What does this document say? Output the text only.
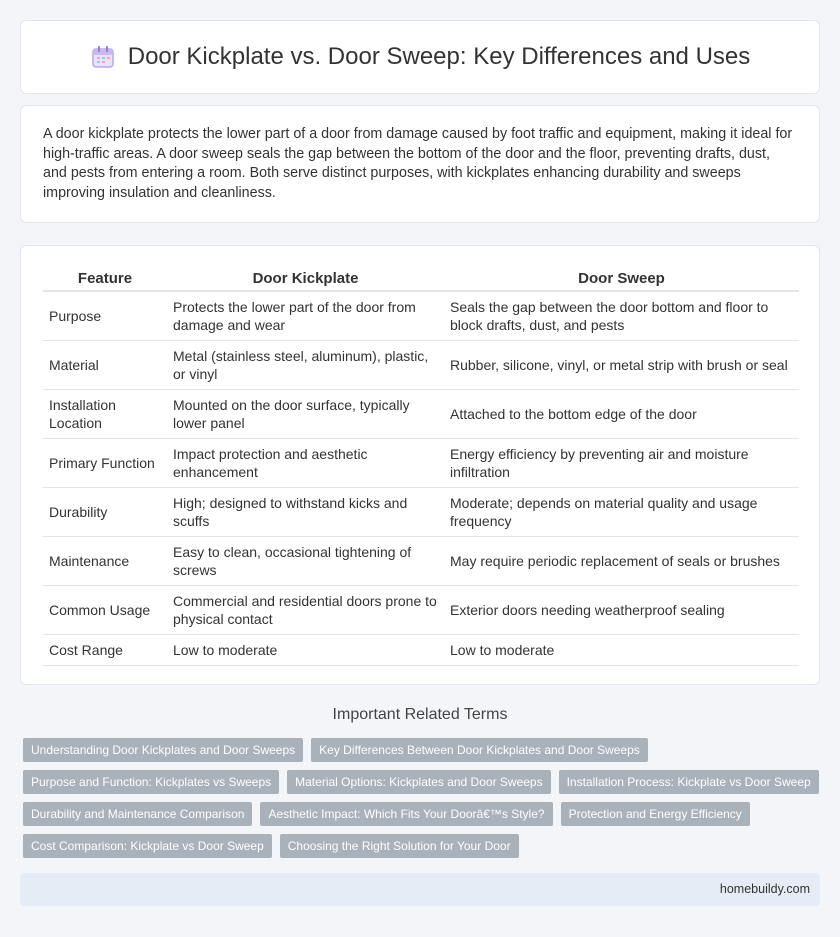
Door Kickplate vs. Door Sweep: Key Differences and Uses

A door kickplate protects the lower part of a door from damage caused by foot traffic and equipment, making it ideal for high-traffic areas. A door sweep seals the gap between the bottom of the door and the floor, preventing drafts, dust, and pests from entering a room. Both serve distinct purposes, with kickplates enhancing durability and sweeps improving insulation and cleanliness.

Feature	Door Kickplate	Door Sweep
Purpose	Protects the lower part of the door from damage and wear	Seals the gap between the door bottom and floor to block drafts, dust, and pests
Material	Metal (stainless steel, aluminum), plastic, or vinyl	Rubber, silicone, vinyl, or metal strip with brush or seal
Installation Location	Mounted on the door surface, typically lower panel	Attached to the bottom edge of the door
Primary Function	Impact protection and aesthetic enhancement	Energy efficiency by preventing air and moisture infiltration
Durability	High; designed to withstand kicks and scuffs	Moderate; depends on material quality and usage frequency
Maintenance	Easy to clean, occasional tightening of screws	May require periodic replacement of seals or brushes
Common Usage	Commercial and residential doors prone to physical contact	Exterior doors needing weatherproof sealing
Cost Range	Low to moderate	Low to moderate
Important Related Terms
Understanding Door Kickplates and Door Sweeps	Key Differences Between Door Kickplates and Door Sweeps
Purpose and Function: Kickplates vs Sweeps	Material Options: Kickplates and Door Sweeps	Installation Process: Kickplate vs Door Sweep
Durability and Maintenance Comparison	Aesthetic Impact: Which Fits Your Doorâ€™s Style?	Protection and Energy Efficiency
Cost Comparison: Kickplate vs Door Sweep	Choosing the Right Solution for Your Door
homebuildy.com
